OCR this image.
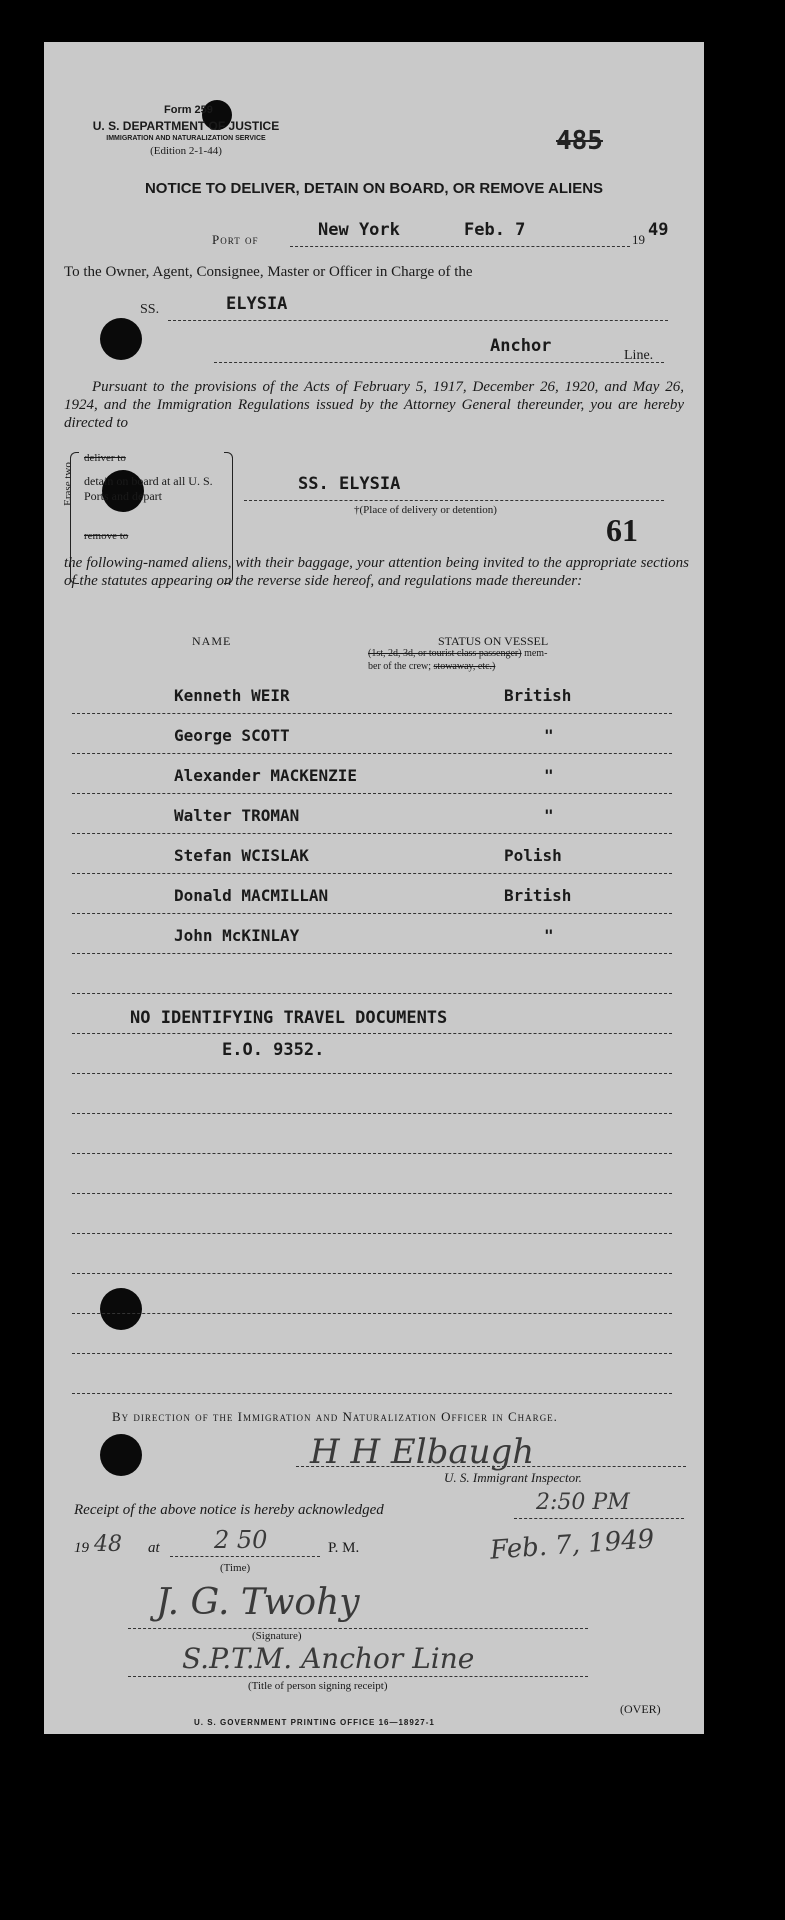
Form 259
U. S. DEPARTMENT OF JUSTICE
IMMIGRATION AND NATURALIZATION SERVICE
(Edition 2-1-44)	485
NOTICE TO DELIVER, DETAIN ON BOARD, OR REMOVE ALIENS
Port of	New York	Feb. 7	19 49
To the Owner, Agent, Consignee, Master or Officer in Charge of the
SS.	ELYSIA
Anchor	Line.
Pursuant to the provisions of the Acts of February 5, 1917, December 26, 1920, and May 26, 1924, and the Immigration Regulations issued by the Attorney General thereunder, you are hereby directed to
Erase two
deliver to
detain on board at all U. S. Ports and depart
remove to
SS. ELYSIA
†(Place of delivery or detention)
61
the following-named aliens, with their baggage, your attention being invited to the appropriate sections of the statutes appearing on the reverse side hereof, and regulations made thereunder:
NAME	STATUS ON VESSEL
(1st, 2d, 3d, or tourist class passenger) mem-
ber of the crew; stowaway, etc.)
Kenneth WEIR	British
George SCOTT	"
Alexander MACKENZIE	"
Walter TROMAN	"
Stefan WCISLAK	Polish
Donald MACMILLAN	British
John McKINLAY	"
NO IDENTIFYING TRAVEL DOCUMENTS
E.O. 9352.
By direction of the Immigration and Naturalization Officer in Charge.
H H Elbaugh
U. S. Immigrant Inspector.
Receipt of the above notice is hereby acknowledged	2:50 PM
19 48 at 2 50	P. M.	Feb. 7, 1949
(Time)
J. G. Twohy
(Signature)
S.P.T.M. Anchor Line
(Title of person signing receipt)
U. S. GOVERNMENT PRINTING OFFICE 16—18927-1
(OVER)
